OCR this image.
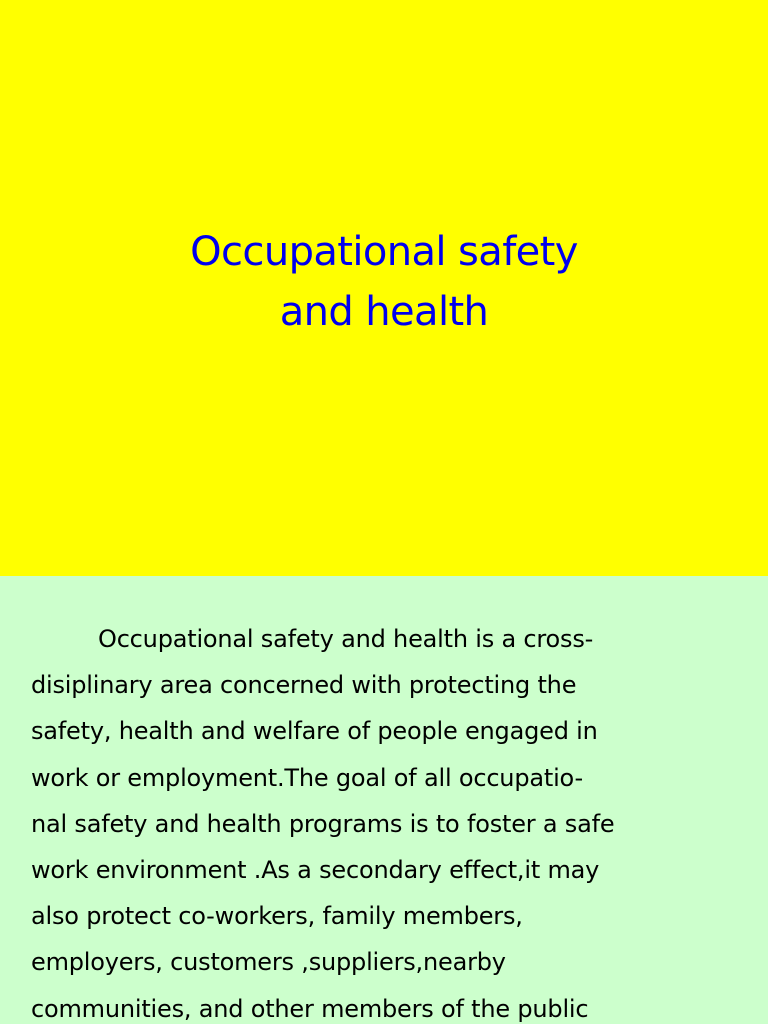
Occupational safety
and health
Occupational safety and health is a cross-
disiplinary area concerned with protecting the
safety, health and welfare of people engaged in
work or employment.The goal of all occupatio-
nal safety and health programs is to foster a safe
work environment .As a secondary effect,it may
also protect co-workers, family members,
employers, customers ,suppliers,nearby
communities, and other members of the public
